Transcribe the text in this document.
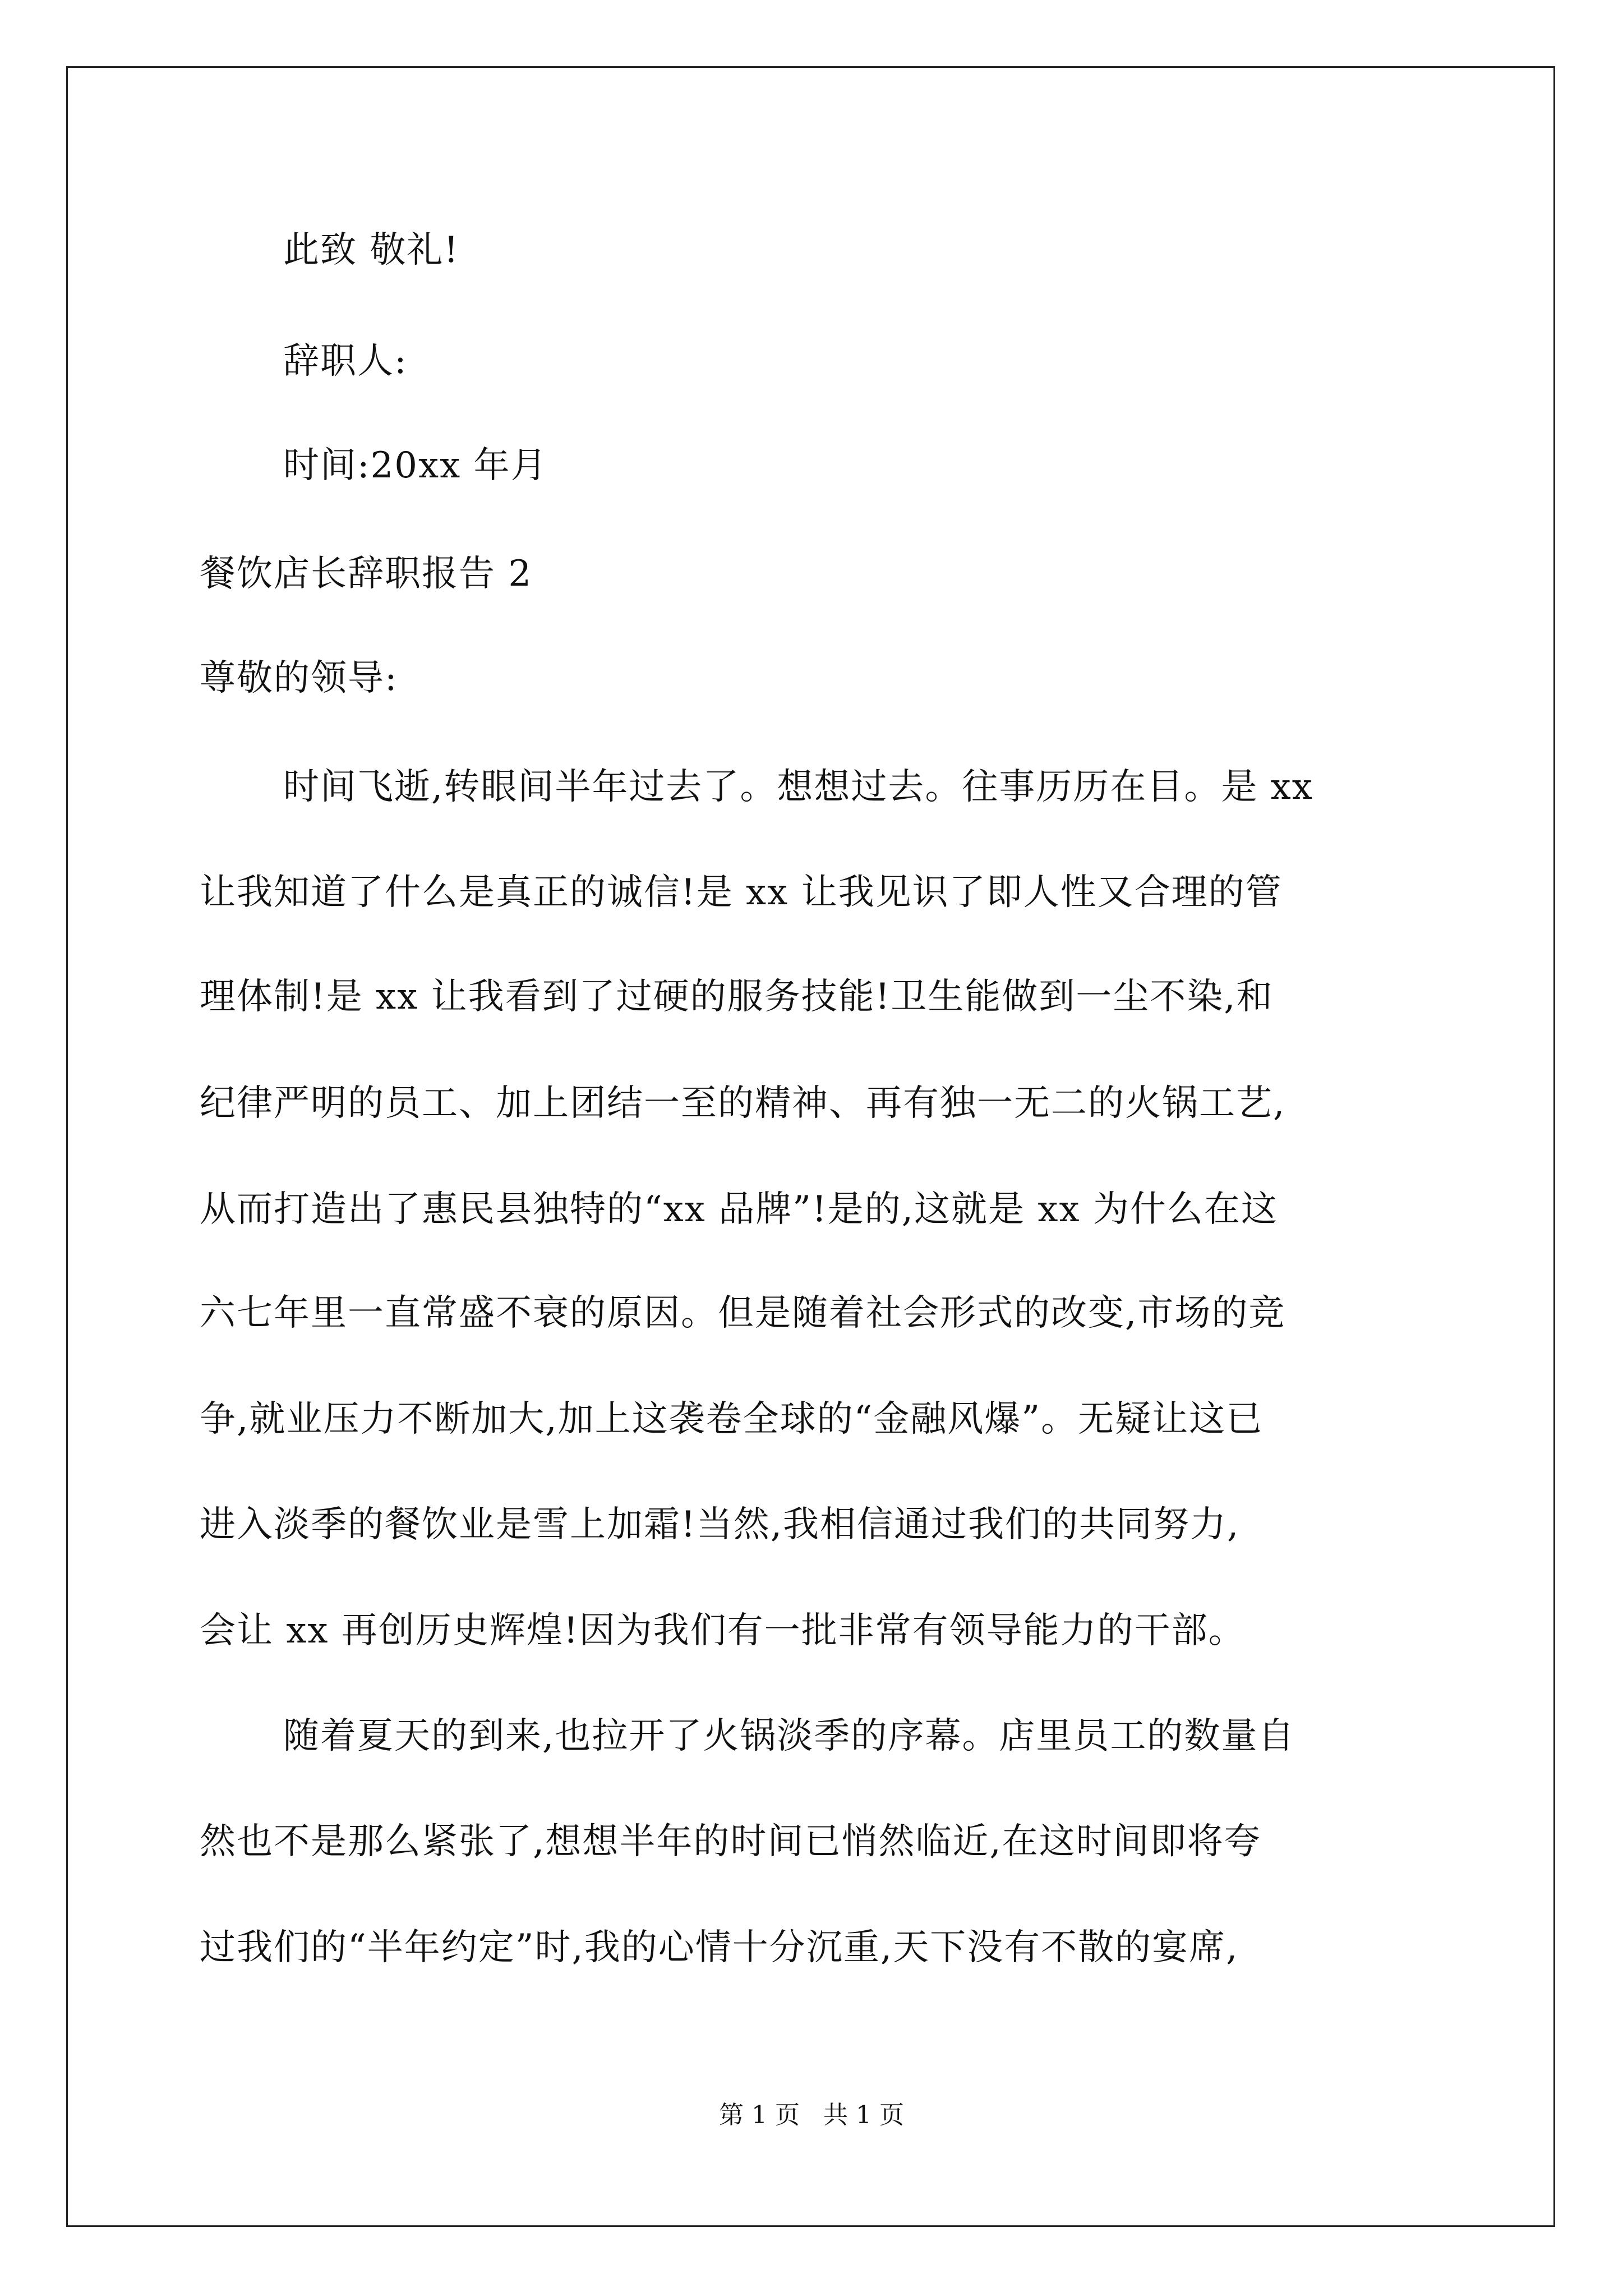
此致 敬礼!
辞职人:
时间:20xx 年月
餐饮店长辞职报告 2
尊敬的领导:
时间飞逝,转眼间半年过去了。想想过去。往事历历在目。是 xx
让我知道了什么是真正的诚信!是 xx 让我见识了即人性又合理的管
理体制!是 xx 让我看到了过硬的服务技能!卫生能做到一尘不染,和
纪律严明的员工、加上团结一至的精神、再有独一无二的火锅工艺,
从而打造出了惠民县独特的“xx 品牌”!是的,这就是 xx 为什么在这
六七年里一直常盛不衰的原因。但是随着社会形式的改变,市场的竞
争,就业压力不断加大,加上这袭卷全球的“金融风爆”。无疑让这已
进入淡季的餐饮业是雪上加霜!当然,我相信通过我们的共同努力,
会让 xx 再创历史辉煌!因为我们有一批非常有领导能力的干部。
随着夏天的到来,也拉开了火锅淡季的序幕。店里员工的数量自
然也不是那么紧张了,想想半年的时间已悄然临近,在这时间即将夸
过我们的“半年约定”时,我的心情十分沉重,天下没有不散的宴席,
第 1 页   共 1 页
